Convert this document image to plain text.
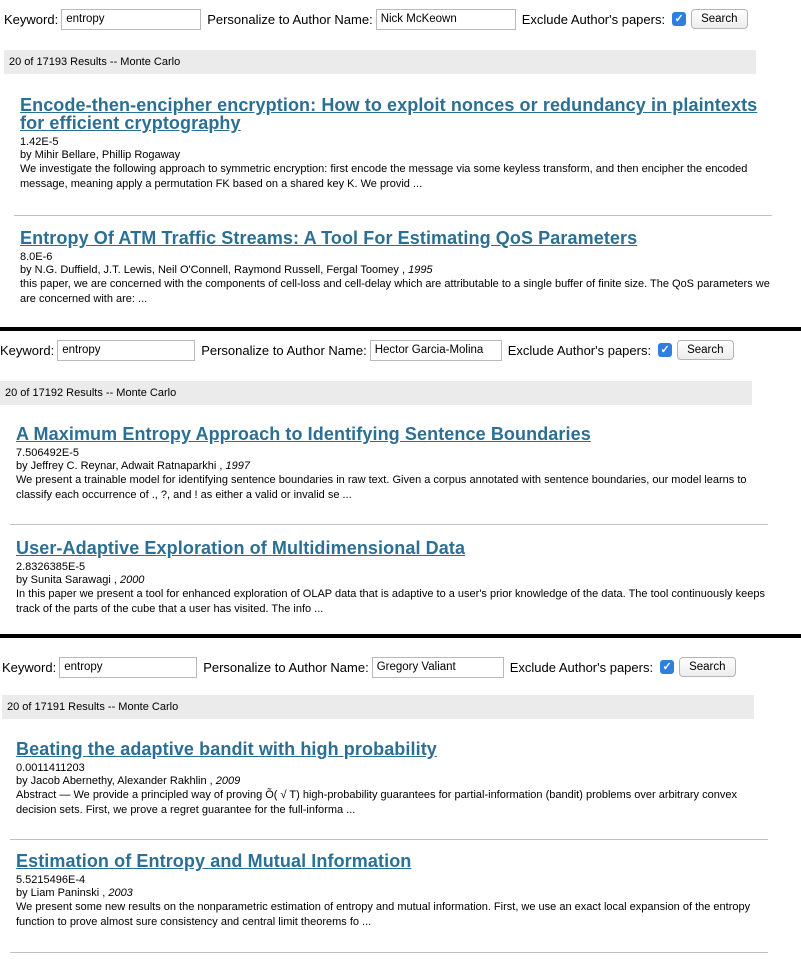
Keyword:
entropy	Personalize to Author Name:
Nick McKeown	Exclude Author's papers: ✓	Search
20 of 17193 Results -- Monte Carlo
Encode-then-encipher encryption: How to exploit nonces or redundancy in plaintexts for efficient cryptography
1.42E-5
by Mihir Bellare, Phillip Rogaway
We investigate the following approach to symmetric encryption: first encode the message via some keyless transform, and then encipher the encoded message, meaning apply a permutation FK based on a shared key K. We provid ...
Entropy Of ATM Traffic Streams: A Tool For Estimating QoS Parameters
8.0E-6
by N.G. Duffield, J.T. Lewis, Neil O'Connell, Raymond Russell, Fergal Toomey , 1995
this paper, we are concerned with the components of cell-loss and cell-delay which are attributable to a single buffer of finite size. The QoS parameters we are concerned with are: ...
Keyword:
entropy	Personalize to Author Name:
Hector Garcia-Molina	Exclude Author's papers: ✓	Search
20 of 17192 Results -- Monte Carlo
A Maximum Entropy Approach to Identifying Sentence Boundaries
7.506492E-5
by Jeffrey C. Reynar, Adwait Ratnaparkhi , 1997
We present a trainable model for identifying sentence boundaries in raw text. Given a corpus annotated with sentence boundaries, our model learns to classify each occurrence of ., ?, and ! as either a valid or invalid se ...
User-Adaptive Exploration of Multidimensional Data
2.8326385E-5
by Sunita Sarawagi , 2000
In this paper we present a tool for enhanced exploration of OLAP data that is adaptive to a user's prior knowledge of the data. The tool continuously keeps track of the parts of the cube that a user has visited. The info ...
Keyword:
entropy	Personalize to Author Name:
Gregory Valiant	Exclude Author's papers: ✓	Search
20 of 17191 Results -- Monte Carlo
Beating the adaptive bandit with high probability
0.0011411203
by Jacob Abernethy, Alexander Rakhlin , 2009
Abstract — We provide a principled way of proving Õ( √ T) high-probability guarantees for partial-information (bandit) problems over arbitrary convex decision sets. First, we prove a regret guarantee for the full-informa ...
Estimation of Entropy and Mutual Information
5.5215496E-4
by Liam Paninski , 2003
We present some new results on the nonparametric estimation of entropy and mutual information. First, we use an exact local expansion of the entropy function to prove almost sure consistency and central limit theorems fo ...
